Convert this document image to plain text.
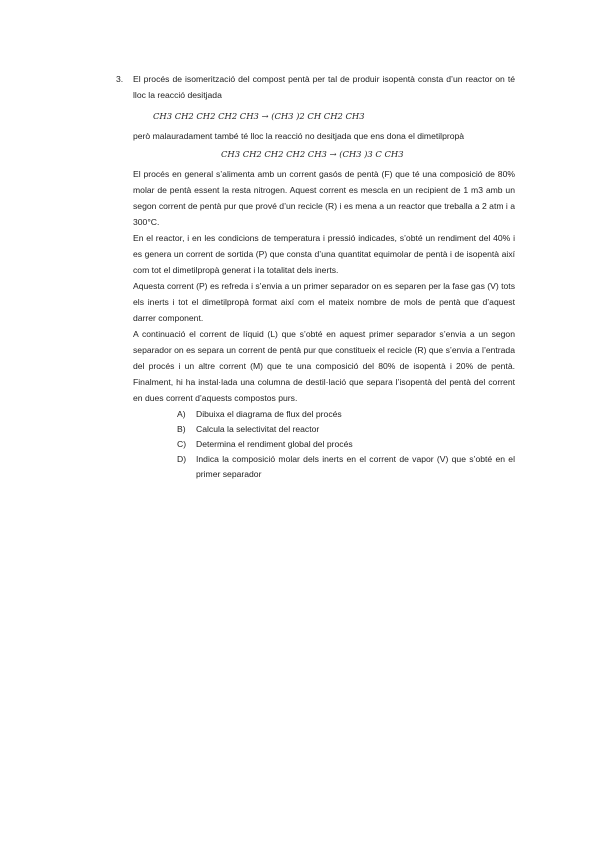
3. El procés de isomerització del compost pentà per tal de produir isopentà consta d’un reactor on té lloc la reacció desitjada

CH3 CH2 CH2 CH2 CH3 → (CH3 )2 CH CH2 CH3

però malauradament també té lloc la reacció no desitjada que ens dona el dimetilpropà

CH3 CH2 CH2 CH2 CH3 → (CH3 )3 C CH3

El procés en general s’alimenta amb un corrent gasós de pentà (F) que té una composició de 80% molar de pentà essent la resta nitrogen. Aquest corrent es mescla en un recipient de 1 m3 amb un segon corrent de pentà pur que prové d’un recicle (R) i es mena a un reactor que treballa a 2 atm i a 300°C.

En el reactor, i en les condicions de temperatura i pressió indicades, s’obté un rendiment del 40% i es genera un corrent de sortida (P) que consta d’una quantitat equimolar de pentà i de isopentà així com tot el dimetilpropà generat i la totalitat dels inerts.

Aquesta corrent (P) es refreda i s’envia a un primer separador on es separen per la fase gas (V) tots els inerts i tot el dimetilpropà format així com el mateix nombre de mols de pentà que d’aquest darrer component.

A continuació el corrent de líquid (L) que s’obté en aquest primer separador s’envia a un segon separador on es separa un corrent de pentà pur que constitueix el recicle (R) que s’envia a l’entrada del procés i un altre corrent (M) que te una composició del 80% de isopentà i 20% de pentà. Finalment, hi ha instal·lada una columna de destil·lació que separa l’isopentà del pentà del corrent en dues corrent d’aquests compostos purs.

A) Dibuixa el diagrama de flux del procés
B) Calcula la selectivitat del reactor
C) Determina el rendiment global del procés
D) Indica la composició molar dels inerts en el corrent de vapor (V) que s’obté en el primer separador
